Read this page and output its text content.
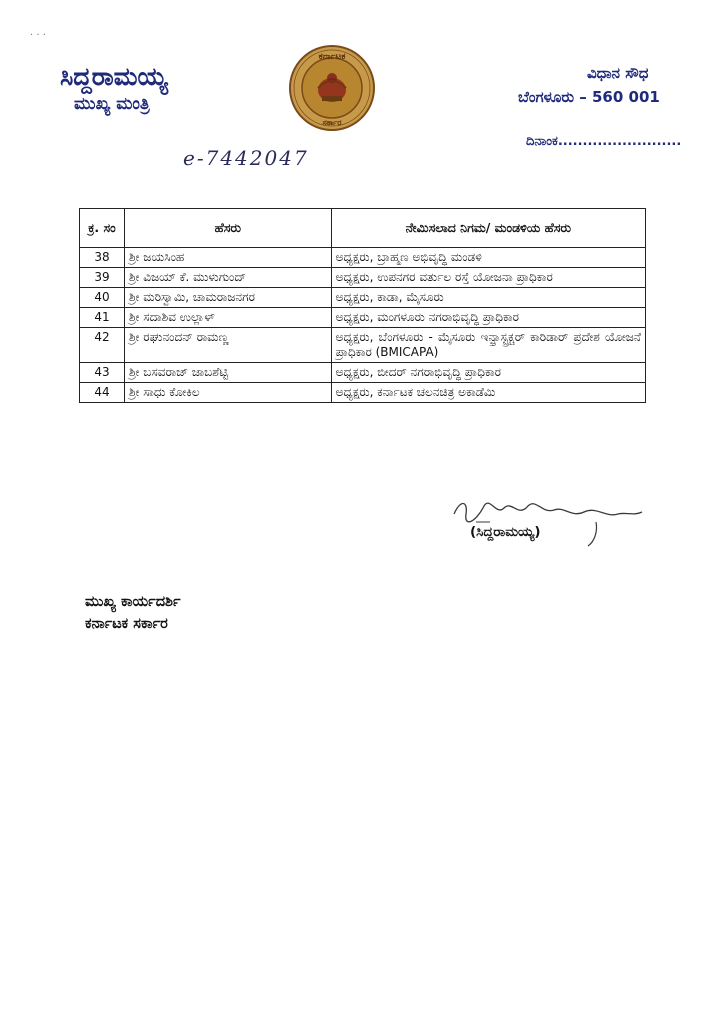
· · ·
ಸಿದ್ದರಾಮಯ್ಯ
ಮುಖ್ಯ ಮಂತ್ರಿ
ಕರ್ನಾಟಕ
ಸರ್ಕಾರ
ವಿಧಾನ ಸೌಧ
ಬೆಂಗಳೂರು – 560 001
ದಿನಾಂಕ.........................
e-7442047
ಕ್ರ. ಸಂ	ಹೆಸರು	ನೇಮಿಸಲಾದ ನಿಗಮ/ ಮಂಡಳಿಯ ಹೆಸರು
38	ಶ್ರೀ ಜಯಸಿಂಹ	ಅಧ್ಯಕ್ಷರು, ಬ್ರಾಹ್ಮಣ ಅಭಿವೃದ್ಧಿ ಮಂಡಳಿ
39	ಶ್ರೀ ವಿಜಯ್ ಕೆ. ಮುಳುಗುಂದ್	ಅಧ್ಯಕ್ಷರು, ಉಪನಗರ ವರ್ತುಲ ರಸ್ತೆ ಯೋಜನಾ ಪ್ರಾಧಿಕಾರ
40	ಶ್ರೀ ಮರಿಸ್ವಾಮಿ, ಚಾಮರಾಜನಗರ	ಅಧ್ಯಕ್ಷರು, ಕಾಡಾ, ಮೈಸೂರು
41	ಶ್ರೀ ಸದಾಶಿವ ಉಲ್ಲಾಳ್	ಅಧ್ಯಕ್ಷರು, ಮಂಗಳೂರು ನಗರಾಭಿವೃದ್ಧಿ ಪ್ರಾಧಿಕಾರ
42	ಶ್ರೀ ರಘುನಂದನ್ ರಾಮಣ್ಣ	ಅಧ್ಯಕ್ಷರು, ಬೆಂಗಳೂರು - ಮೈಸೂರು ಇನ್ಫ್ರಾಸ್ಟ್ರಕ್ಚರ್ ಕಾರಿಡಾರ್ ಪ್ರದೇಶ ಯೋಜನೆ ಪ್ರಾಧಿಕಾರ (BMICAPA)
43	ಶ್ರೀ ಬಸವರಾಜ್ ಜಾಬಶೆಟ್ಟಿ	ಅಧ್ಯಕ್ಷರು, ಬೀದರ್ ನಗರಾಭಿವೃದ್ಧಿ ಪ್ರಾಧಿಕಾರ
44	ಶ್ರೀ ಸಾಧು ಕೋಕಿಲ	ಅಧ್ಯಕ್ಷರು, ಕರ್ನಾಟಕ ಚಲನಚಿತ್ರ ಅಕಾಡೆಮಿ
(ಸಿದ್ದರಾಮಯ್ಯ)
ಮುಖ್ಯ ಕಾರ್ಯದರ್ಶಿ
ಕರ್ನಾಟಕ ಸರ್ಕಾರ
